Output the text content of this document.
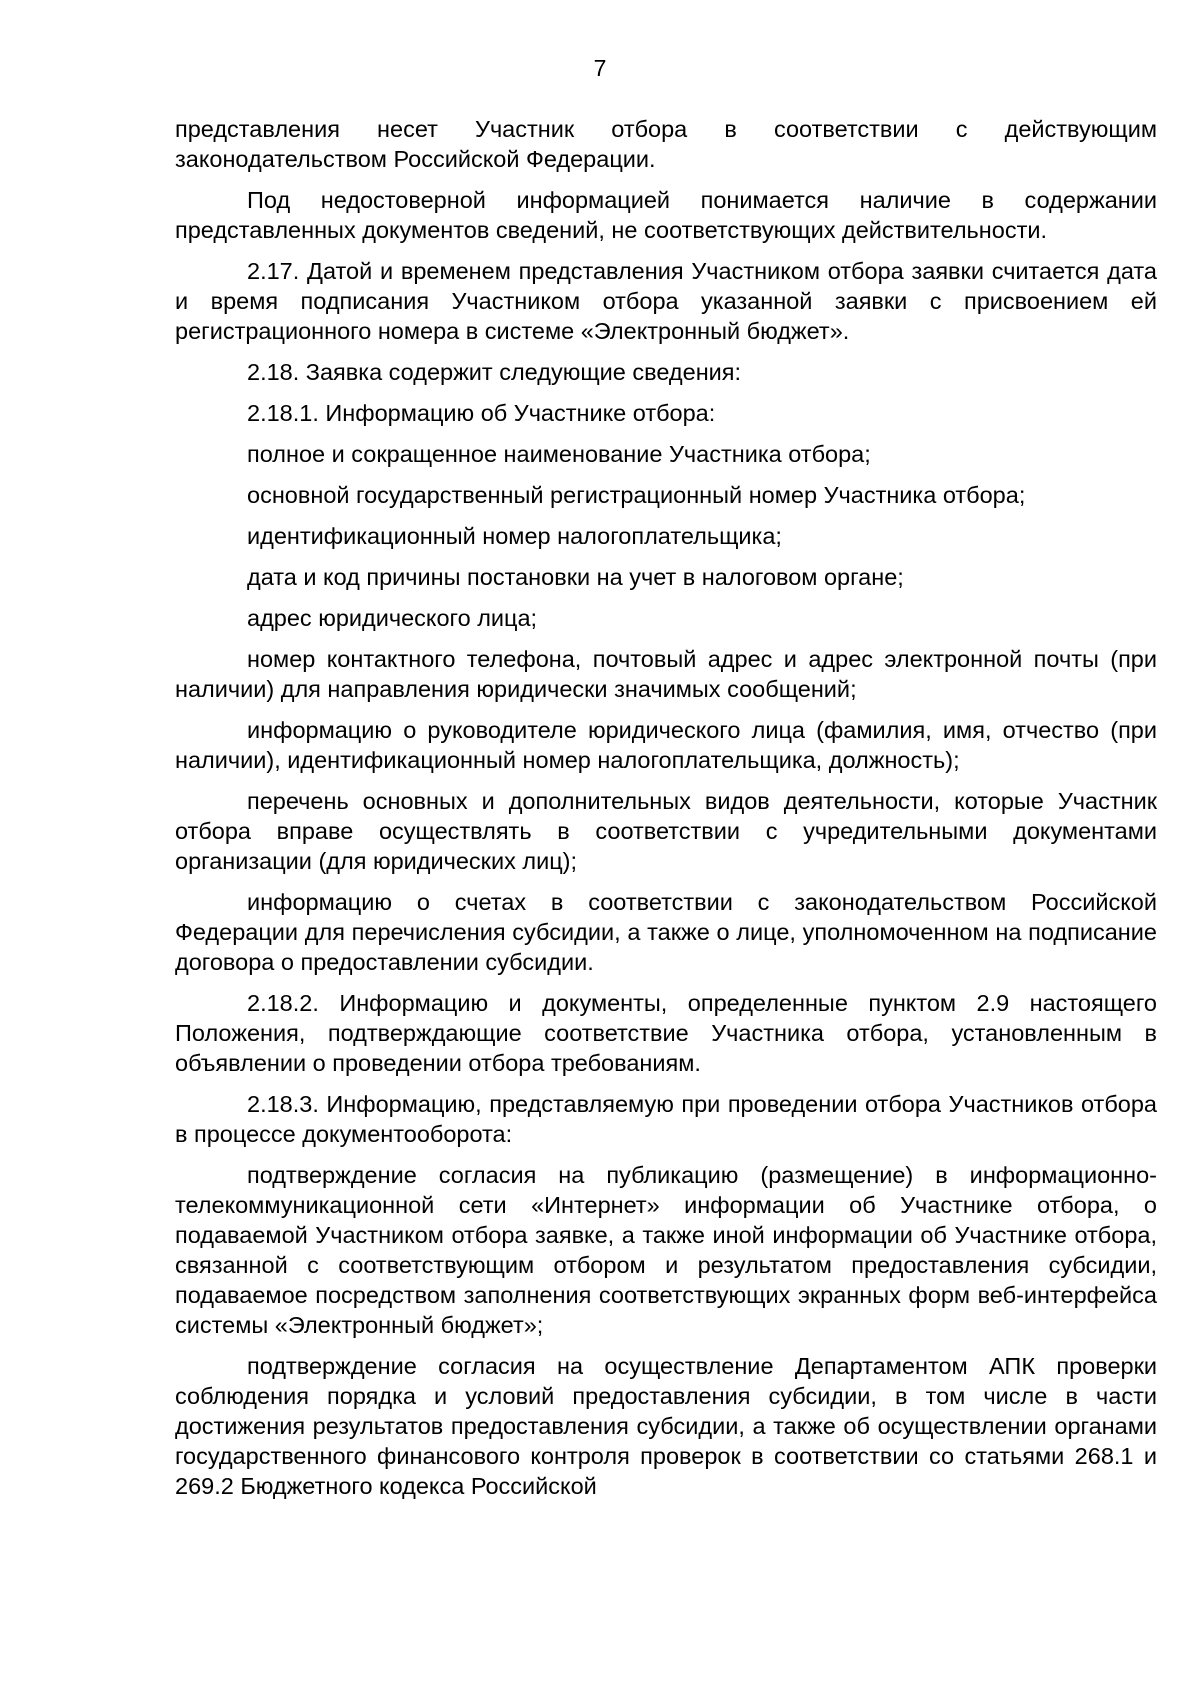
7

представления несет Участник отбора в соответствии с действующим законодательством Российской Федерации.

Под недостоверной информацией понимается наличие в содержании представленных документов сведений, не соответствующих действительности.

2.17. Датой и временем представления Участником отбора заявки считается дата и время подписания Участником отбора указанной заявки с присвоением ей регистрационного номера в системе «Электронный бюджет».

2.18. Заявка содержит следующие сведения:

2.18.1. Информацию об Участнике отбора:

полное и сокращенное наименование Участника отбора;

основной государственный регистрационный номер Участника отбора;

идентификационный номер налогоплательщика;

дата и код причины постановки на учет в налоговом органе;

адрес юридического лица;

номер контактного телефона, почтовый адрес и адрес электронной почты (при наличии) для направления юридически значимых сообщений;

информацию о руководителе юридического лица (фамилия, имя, отчество (при наличии), идентификационный номер налогоплательщика, должность);

перечень основных и дополнительных видов деятельности, которые Участник отбора вправе осуществлять в соответствии с учредительными документами организации (для юридических лиц);

информацию о счетах в соответствии с законодательством Российской Федерации для перечисления субсидии, а также о лице, уполномоченном на подписание договора о предоставлении субсидии.

2.18.2. Информацию и документы, определенные пунктом 2.9 настоящего Положения, подтверждающие соответствие Участника отбора, установленным в объявлении о проведении отбора требованиям.

2.18.3. Информацию, представляемую при проведении отбора Участников отбора в процессе документооборота:

подтверждение согласия на публикацию (размещение) в информационно-телекоммуникационной сети «Интернет» информации об Участнике отбора, о подаваемой Участником отбора заявке, а также иной информации об Участнике отбора, связанной с соответствующим отбором и результатом предоставления субсидии, подаваемое посредством заполнения соответствующих экранных форм веб-интерфейса системы «Электронный бюджет»;

подтверждение согласия на осуществление Департаментом АПК проверки соблюдения порядка и условий предоставления субсидии, в том числе в части достижения результатов предоставления субсидии, а также об осуществлении органами государственного финансового контроля проверок в соответствии со статьями 268.1 и 269.2 Бюджетного кодекса Российской
